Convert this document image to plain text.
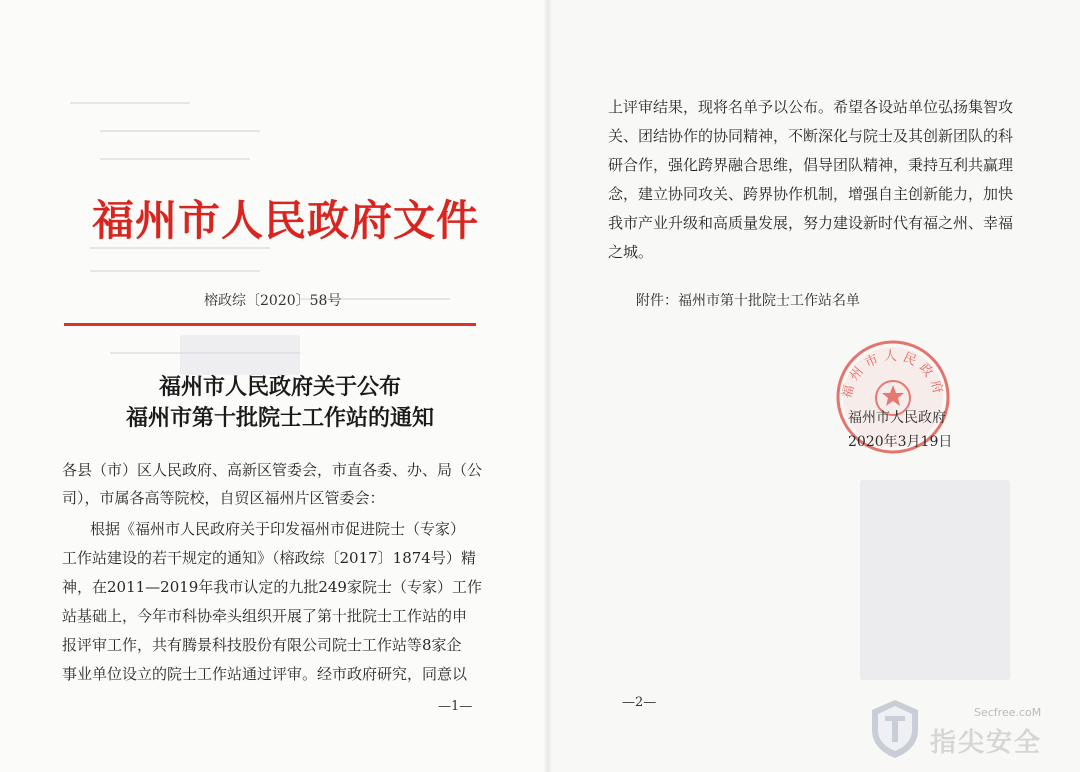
福州市人民政府文件
榕政综〔2020〕58号
福州市人民政府关于公布
福州市第十批院士工作站的通知
各县（市）区人民政府、高新区管委会，市直各委、办、局（公
司），市属各高等院校，自贸区福州片区管委会：
根据《福州市人民政府关于印发福州市促进院士（专家）
工作站建设的若干规定的通知》（榕政综〔2017〕1874号）精
神，在2011—2019年我市认定的九批249家院士（专家）工作
站基础上，今年市科协牵头组织开展了第十批院士工作站的申
报评审工作，共有腾景科技股份有限公司院士工作站等8家企
事业单位设立的院士工作站通过评审。经市政府研究，同意以
—1—
上评审结果，现将名单予以公布。希望各设站单位弘扬集智攻
关、团结协作的协同精神，不断深化与院士及其创新团队的科
研合作，强化跨界融合思维，倡导团队精神，秉持互利共赢理
念，建立协同攻关、跨界协作机制，增强自主创新能力，加快
我市产业升级和高质量发展，努力建设新时代有福之州、幸福
之城。
附件：福州市第十批院士工作站名单
福州市人民政府
福州市人民政府
2020年3月19日
—2—
Secfree.coM
指尖安全
